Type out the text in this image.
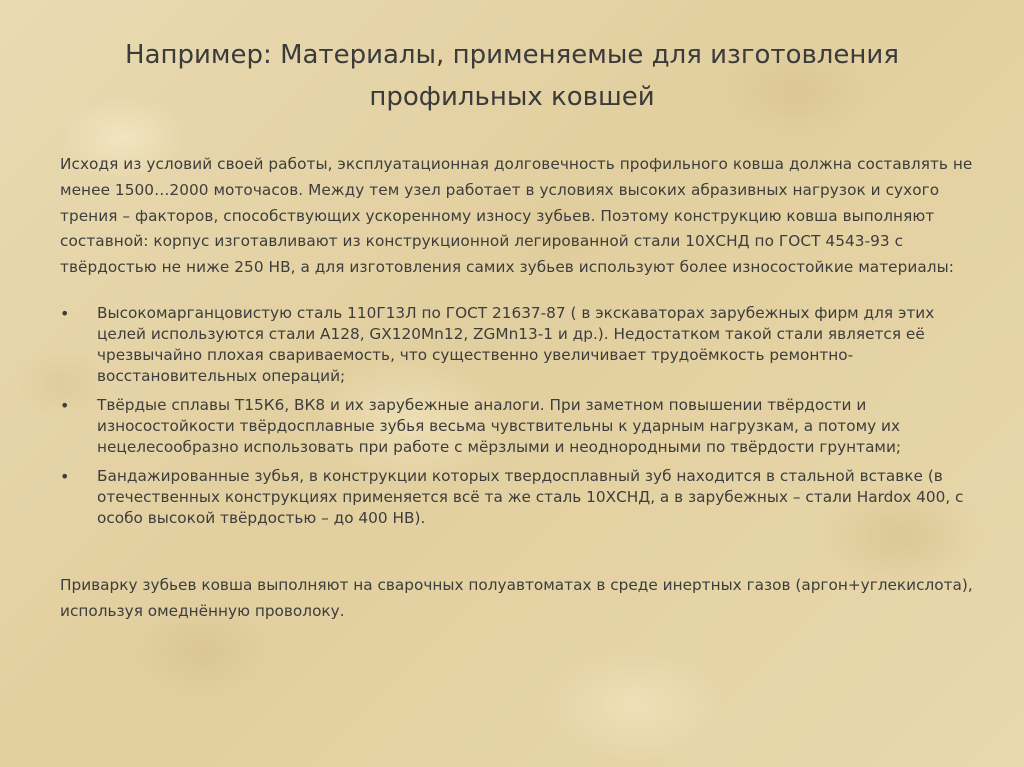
Например: Материалы, применяемые для изготовления
профильных ковшей
Исходя из условий своей работы, эксплуатационная долговечность профильного ковша должна составлять не менее 1500…2000 моточасов. Между тем узел работает в условиях высоких абразивных нагрузок и сухого трения – факторов, способствующих ускоренному износу зубьев. Поэтому конструкцию ковша выполняют составной: корпус изготавливают из конструкционной легированной стали 10ХСНД по ГОСТ 4543-93 с твёрдостью не ниже 250 НВ, а для изготовления самих зубьев используют более износостойкие материалы:
• Высокомарганцовистую сталь 110Г13Л по ГОСТ 21637-87 ( в экскаваторах зарубежных фирм для этих целей используются стали А128, GX120Mn12, ZGMn13-1 и др.). Недостатком такой стали является её чрезвычайно плохая свариваемость, что существенно увеличивает трудоёмкость ремонтно-восстановительных операций;
• Твёрдые сплавы Т15К6, ВК8 и их зарубежные аналоги. При заметном повышении твёрдости и износостойкости твёрдосплавные зубья весьма чувствительны к ударным нагрузкам, а потому их нецелесообразно использовать при работе с мёрзлыми и неоднородными по твёрдости грунтами;
• Бандажированные зубья, в конструкции которых твердосплавный зуб находится в стальной вставке (в отечественных конструкциях применяется всё та же сталь 10ХСНД, а в зарубежных – стали Hardox 400, с особо высокой твёрдостью – до 400 НВ).
Приварку зубьев ковша выполняют на сварочных полуавтоматах в среде инертных газов (аргон+углекислота), используя омеднённую проволоку.
